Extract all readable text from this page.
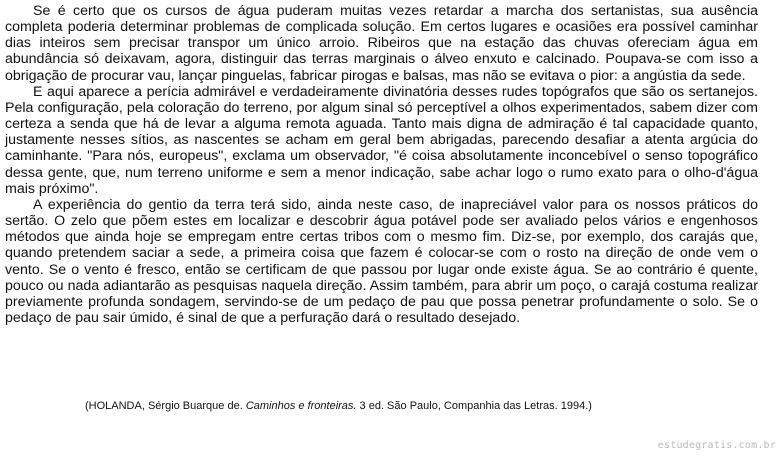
Se é certo que os cursos de água puderam muitas vezes retardar a marcha dos sertanistas, sua ausência completa poderia determinar problemas de complicada solução. Em certos lugares e ocasiões era possível caminhar dias inteiros sem precisar transpor um único arroio. Ribeiros que na estação das chuvas ofereciam água em abundância só deixavam, agora, distinguir das terras marginais o álveo enxuto e calcinado. Poupava-se com isso a obrigação de procurar vau, lançar pinguelas, fabricar pirogas e balsas, mas não se evitava o pior: a angústia da sede.

E aqui aparece a perícia admirável e verdadeiramente divinatória desses rudes topógrafos que são os sertanejos. Pela configuração, pela coloração do terreno, por algum sinal só perceptível a olhos experimentados, sabem dizer com certeza a senda que há de levar a alguma remota aguada. Tanto mais digna de admiração é tal capacidade quanto, justamente nesses sítios, as nascentes se acham em geral bem abrigadas, parecendo desafiar a atenta argúcia do caminhante. "Para nós, europeus", exclama um observador, "é coisa absolutamente inconcebível o senso topográfico dessa gente, que, num terreno uniforme e sem a menor indicação, sabe achar logo o rumo exato para o olho-d'água mais próximo".

A experiência do gentio da terra terá sido, ainda neste caso, de inapreciável valor para os nossos práticos do sertão. O zelo que põem estes em localizar e descobrir água potável pode ser avaliado pelos vários e engenhosos métodos que ainda hoje se empregam entre certas tribos com o mesmo fim. Diz-se, por exemplo, dos carajás que, quando pretendem saciar a sede, a primeira coisa que fazem é colocar-se com o rosto na direção de onde vem o vento. Se o vento é fresco, então se certificam de que passou por lugar onde existe água. Se ao contrário é quente, pouco ou nada adiantarão as pesquisas naquela direção. Assim também, para abrir um poço, o carajá costuma realizar previamente profunda sondagem, servindo-se de um pedaço de pau que possa penetrar profundamente o solo. Se o pedaço de pau sair úmido, é sinal de que a perfuração dará o resultado desejado.

(HOLANDA, Sérgio Buarque de. Caminhos e fronteiras. 3 ed. São Paulo, Companhia das Letras. 1994.)
estudegratis.com.br
